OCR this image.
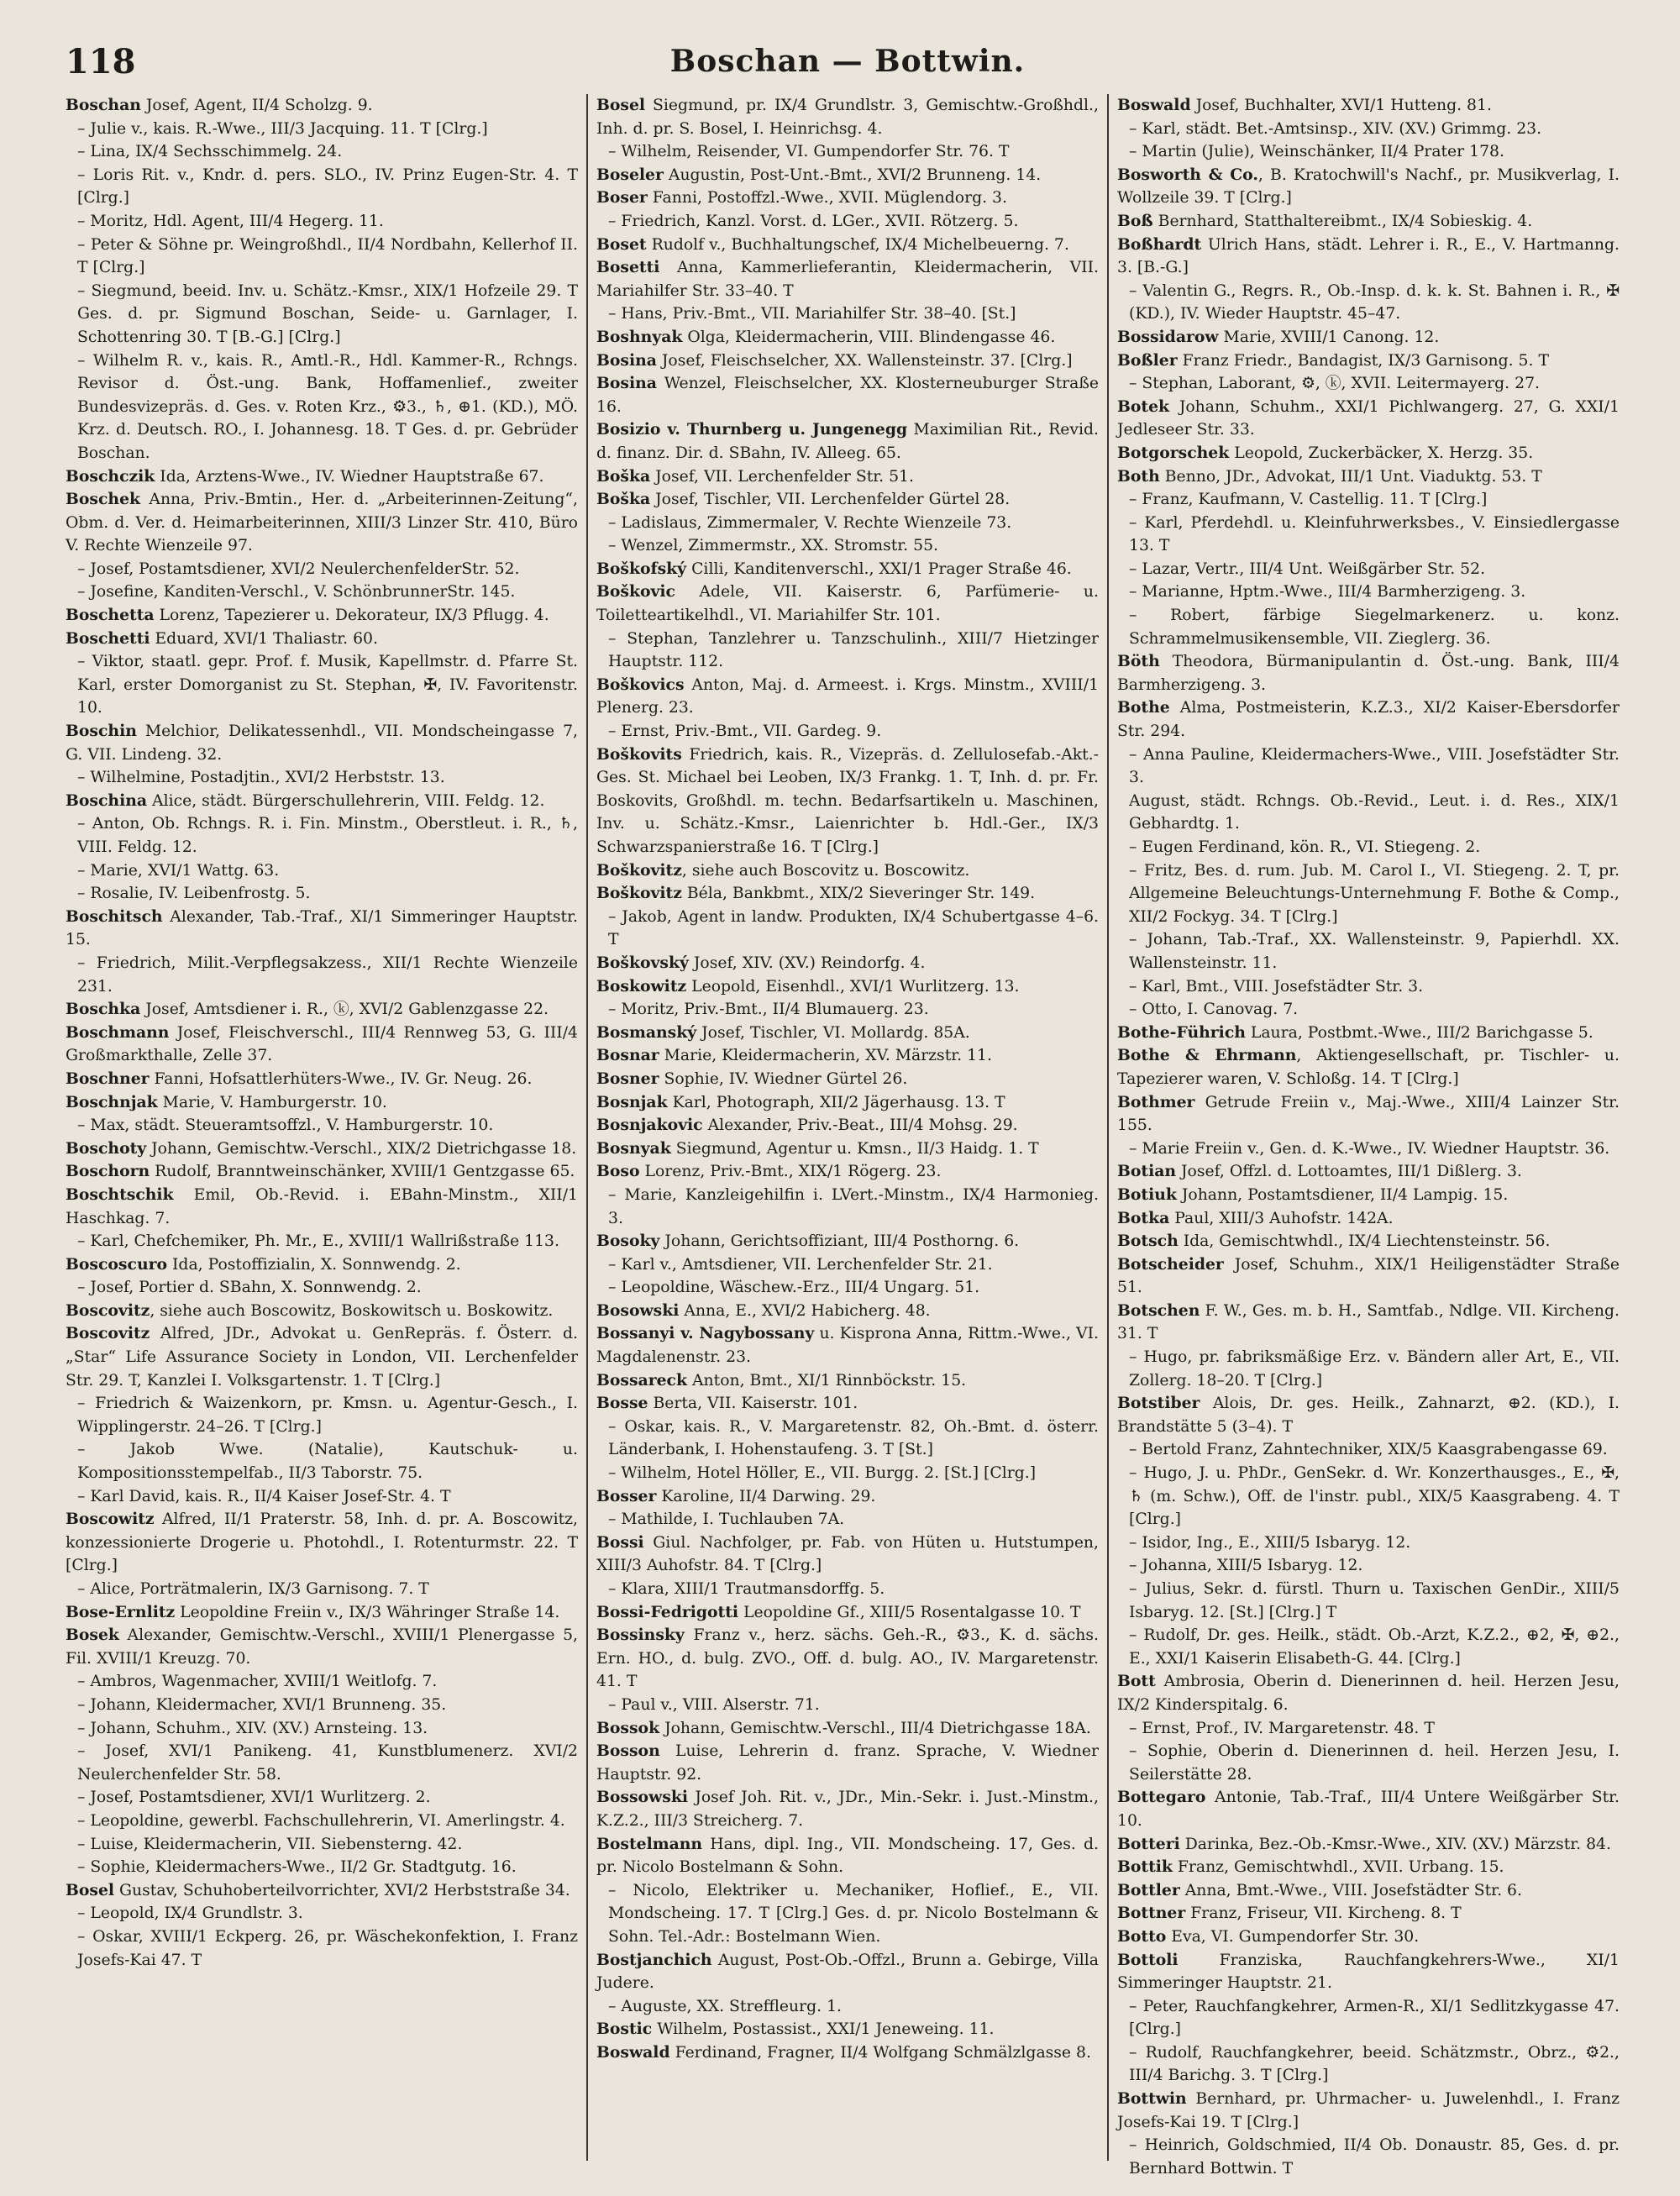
118	Boschan — Bottwin.
Boschan Josef, Agent, II/4 Scholzg. 9.
– Julie v., kais. R.-Wwe., III/3 Jacquing. 11. T [Clrg.]
– Lina, IX/4 Sechsschimmelg. 24.
– Loris Rit. v., Kndr. d. pers. SLO., IV. Prinz Eugen-Str. 4. T [Clrg.]
– Moritz, Hdl. Agent, III/4 Hegerg. 11.
– Peter & Söhne pr. Weingroßhdl., II/4 Nordbahn, Kellerhof II. T [Clrg.]
– Siegmund, beeid. Inv. u. Schätz.-Kmsr., XIX/1 Hofzeile 29. T Ges. d. pr. Sigmund Boschan, Seide- u. Garnlager, I. Schottenring 30. T [B.-G.] [Clrg.]
– Wilhelm R. v., kais. R., Amtl.-R., Hdl. Kammer-R., Rchngs. Revisor d. Öst.-ung. Bank, Hoffamenlief., zweiter Bundesvizepräs. d. Ges. v. Roten Krz., ⚙3., ♄, ⊕1. (KD.), MÖ. Krz. d. Deutsch. RO., I. Johannesg. 18. T Ges. d. pr. Gebrüder Boschan.
Boschczik Ida, Arztens-Wwe., IV. Wiedner Hauptstraße 67.
Boschek Anna, Priv.-Bmtin., Her. d. „Arbeiterinnen-Zeitung“, Obm. d. Ver. d. Heimarbeiterinnen, XIII/3 Linzer Str. 410, Büro V. Rechte Wienzeile 97.
– Josef, Postamtsdiener, XVI/2 NeulerchenfelderStr. 52.
– Josefine, Kanditen-Verschl., V. SchönbrunnerStr. 145.
Boschetta Lorenz, Tapezierer u. Dekorateur, IX/3 Pflugg. 4.
Boschetti Eduard, XVI/1 Thaliastr. 60.
– Viktor, staatl. gepr. Prof. f. Musik, Kapellmstr. d. Pfarre St. Karl, erster Domorganist zu St. Stephan, ✠, IV. Favoritenstr. 10.
Boschin Melchior, Delikatessenhdl., VII. Mondscheingasse 7, G. VII. Lindeng. 32.
– Wilhelmine, Postadjtin., XVI/2 Herbststr. 13.
Boschina Alice, städt. Bürgerschullehrerin, VIII. Feldg. 12.
– Anton, Ob. Rchngs. R. i. Fin. Minstm., Oberstleut. i. R., ♄, VIII. Feldg. 12.
– Marie, XVI/1 Wattg. 63.
– Rosalie, IV. Leibenfrostg. 5.
Boschitsch Alexander, Tab.-Traf., XI/1 Simmeringer Hauptstr. 15.
– Friedrich, Milit.-Verpflegsakzess., XII/1 Rechte Wienzeile 231.
Boschka Josef, Amtsdiener i. R., ⓚ, XVI/2 Gablenzgasse 22.
Boschmann Josef, Fleischverschl., III/4 Rennweg 53, G. III/4 Großmarkthalle, Zelle 37.
Boschner Fanni, Hofsattlerhüters-Wwe., IV. Gr. Neug. 26.
Boschnjak Marie, V. Hamburgerstr. 10.
– Max, städt. Steueramtsoffzl., V. Hamburgerstr. 10.
Boschoty Johann, Gemischtw.-Verschl., XIX/2 Dietrichgasse 18.
Boschorn Rudolf, Branntweinschänker, XVIII/1 Gentzgasse 65.
Boschtschik Emil, Ob.-Revid. i. EBahn-Minstm., XII/1 Haschkag. 7.
– Karl, Chefchemiker, Ph. Mr., E., XVIII/1 Wallrißstraße 113.
Boscoscuro Ida, Postoffizialin, X. Sonnwendg. 2.
– Josef, Portier d. SBahn, X. Sonnwendg. 2.
Boscovitz, siehe auch Boscowitz, Boskowitsch u. Boskowitz.
Boscovitz Alfred, JDr., Advokat u. GenRepräs. f. Österr. d. „Star“ Life Assurance Society in London, VII. Lerchenfelder Str. 29. T, Kanzlei I. Volksgartenstr. 1. T [Clrg.]
– Friedrich & Waizenkorn, pr. Kmsn. u. Agentur-Gesch., I. Wipplingerstr. 24–26. T [Clrg.]
– Jakob Wwe. (Natalie), Kautschuk- u. Kompositionsstempelfab., II/3 Taborstr. 75.
– Karl David, kais. R., II/4 Kaiser Josef-Str. 4. T
Boscowitz Alfred, II/1 Praterstr. 58, Inh. d. pr. A. Boscowitz, konzessionierte Drogerie u. Photohdl., I. Rotenturmstr. 22. T [Clrg.]
– Alice, Porträtmalerin, IX/3 Garnisong. 7. T
Bose-Ernlitz Leopoldine Freiin v., IX/3 Währinger Straße 14.
Bosek Alexander, Gemischtw.-Verschl., XVIII/1 Plenergasse 5, Fil. XVIII/1 Kreuzg. 70.
– Ambros, Wagenmacher, XVIII/1 Weitlofg. 7.
– Johann, Kleidermacher, XVI/1 Brunneng. 35.
– Johann, Schuhm., XIV. (XV.) Arnsteing. 13.
– Josef, XVI/1 Panikeng. 41, Kunstblumenerz. XVI/2 Neulerchenfelder Str. 58.
– Josef, Postamtsdiener, XVI/1 Wurlitzerg. 2.
– Leopoldine, gewerbl. Fachschullehrerin, VI. Amerlingstr. 4.
– Luise, Kleidermacherin, VII. Siebensterng. 42.
– Sophie, Kleidermachers-Wwe., II/2 Gr. Stadtgutg. 16.
Bosel Gustav, Schuhoberteilvorrichter, XVI/2 Herbststraße 34.
– Leopold, IX/4 Grundlstr. 3.
– Oskar, XVIII/1 Eckperg. 26, pr. Wäschekonfektion, I. Franz Josefs-Kai 47. T
Bosel Siegmund, pr. IX/4 Grundlstr. 3, Gemischtw.-Großhdl., Inh. d. pr. S. Bosel, I. Heinrichsg. 4.
– Wilhelm, Reisender, VI. Gumpendorfer Str. 76. T
Boseler Augustin, Post-Unt.-Bmt., XVI/2 Brunneng. 14.
Boser Fanni, Postoffzl.-Wwe., XVII. Müglendorg. 3.
– Friedrich, Kanzl. Vorst. d. LGer., XVII. Rötzerg. 5.
Boset Rudolf v., Buchhaltungschef, IX/4 Michelbeuerng. 7.
Bosetti Anna, Kammerlieferantin, Kleidermacherin, VII. Mariahilfer Str. 33–40. T
– Hans, Priv.-Bmt., VII. Mariahilfer Str. 38–40. [St.]
Boshnyak Olga, Kleidermacherin, VIII. Blindengasse 46.
Bosina Josef, Fleischselcher, XX. Wallensteinstr. 37. [Clrg.]
Bosina Wenzel, Fleischselcher, XX. Klosterneuburger Straße 16.
Bosizio v. Thurnberg u. Jungenegg Maximilian Rit., Revid. d. finanz. Dir. d. SBahn, IV. Alleeg. 65.
Boška Josef, VII. Lerchenfelder Str. 51.
Boška Josef, Tischler, VII. Lerchenfelder Gürtel 28.
– Ladislaus, Zimmermaler, V. Rechte Wienzeile 73.
– Wenzel, Zimmermstr., XX. Stromstr. 55.
Boškofský Cilli, Kanditenverschl., XXI/1 Prager Straße 46.
Boškovic Adele, VII. Kaiserstr. 6, Parfümerie- u. Toiletteartikelhdl., VI. Mariahilfer Str. 101.
– Stephan, Tanzlehrer u. Tanzschulinh., XIII/7 Hietzinger Hauptstr. 112.
Boškovics Anton, Maj. d. Armeest. i. Krgs. Minstm., XVIII/1 Plenerg. 23.
– Ernst, Priv.-Bmt., VII. Gardeg. 9.
Boškovits Friedrich, kais. R., Vizepräs. d. Zellulosefab.-Akt.-Ges. St. Michael bei Leoben, IX/3 Frankg. 1. T, Inh. d. pr. Fr. Boskovits, Großhdl. m. techn. Bedarfsartikeln u. Maschinen, Inv. u. Schätz.-Kmsr., Laienrichter b. Hdl.-Ger., IX/3 Schwarzspanierstraße 16. T [Clrg.]
Boškovitz, siehe auch Boscovitz u. Boscowitz.
Boškovitz Béla, Bankbmt., XIX/2 Sieveringer Str. 149.
– Jakob, Agent in landw. Produkten, IX/4 Schubertgasse 4–6. T
Boškovský Josef, XIV. (XV.) Reindorfg. 4.
Boskowitz Leopold, Eisenhdl., XVI/1 Wurlitzerg. 13.
– Moritz, Priv.-Bmt., II/4 Blumauerg. 23.
Bosmanský Josef, Tischler, VI. Mollardg. 85A.
Bosnar Marie, Kleidermacherin, XV. Märzstr. 11.
Bosner Sophie, IV. Wiedner Gürtel 26.
Bosnjak Karl, Photograph, XII/2 Jägerhausg. 13. T
Bosnjakovic Alexander, Priv.-Beat., III/4 Mohsg. 29.
Bosnyak Siegmund, Agentur u. Kmsn., II/3 Haidg. 1. T
Boso Lorenz, Priv.-Bmt., XIX/1 Rögerg. 23.
– Marie, Kanzleigehilfin i. LVert.-Minstm., IX/4 Harmonieg. 3.
Bosoky Johann, Gerichtsoffiziant, III/4 Posthorng. 6.
– Karl v., Amtsdiener, VII. Lerchenfelder Str. 21.
– Leopoldine, Wäschew.-Erz., III/4 Ungarg. 51.
Bosowski Anna, E., XVI/2 Habicherg. 48.
Bossanyi v. Nagybossany u. Kisprona Anna, Rittm.-Wwe., VI. Magdalenenstr. 23.
Bossareck Anton, Bmt., XI/1 Rinnböckstr. 15.
Bosse Berta, VII. Kaiserstr. 101.
– Oskar, kais. R., V. Margaretenstr. 82, Oh.-Bmt. d. österr. Länderbank, I. Hohenstaufeng. 3. T [St.]
– Wilhelm, Hotel Höller, E., VII. Burgg. 2. [St.] [Clrg.]
Bosser Karoline, II/4 Darwing. 29.
– Mathilde, I. Tuchlauben 7A.
Bossi Giul. Nachfolger, pr. Fab. von Hüten u. Hutstumpen, XIII/3 Auhofstr. 84. T [Clrg.]
– Klara, XIII/1 Trautmansdorffg. 5.
Bossi-Fedrigotti Leopoldine Gf., XIII/5 Rosentalgasse 10. T
Bossinsky Franz v., herz. sächs. Geh.-R., ⚙3., K. d. sächs. Ern. HO., d. bulg. ZVO., Off. d. bulg. AO., IV. Margaretenstr. 41. T
– Paul v., VIII. Alserstr. 71.
Bossok Johann, Gemischtw.-Verschl., III/4 Dietrichgasse 18A.
Bosson Luise, Lehrerin d. franz. Sprache, V. Wiedner Hauptstr. 92.
Bossowski Josef Joh. Rit. v., JDr., Min.-Sekr. i. Just.-Minstm., K.Z.2., III/3 Streicherg. 7.
Bostelmann Hans, dipl. Ing., VII. Mondscheing. 17, Ges. d. pr. Nicolo Bostelmann & Sohn.
– Nicolo, Elektriker u. Mechaniker, Hoflief., E., VII. Mondscheing. 17. T [Clrg.] Ges. d. pr. Nicolo Bostelmann & Sohn. Tel.-Adr.: Bostelmann Wien.
Bostjanchich August, Post-Ob.-Offzl., Brunn a. Gebirge, Villa Judere.
– Auguste, XX. Streffleurg. 1.
Bostic Wilhelm, Postassist., XXI/1 Jeneweing. 11.
Boswald Ferdinand, Fragner, II/4 Wolfgang Schmälzlgasse 8.
Boswald Josef, Buchhalter, XVI/1 Hutteng. 81.
– Karl, städt. Bet.-Amtsinsp., XIV. (XV.) Grimmg. 23.
– Martin (Julie), Weinschänker, II/4 Prater 178.
Bosworth & Co., B. Kratochwill's Nachf., pr. Musikverlag, I. Wollzeile 39. T [Clrg.]
Boß Bernhard, Statthaltereibmt., IX/4 Sobieskig. 4.
Boßhardt Ulrich Hans, städt. Lehrer i. R., E., V. Hartmanng. 3. [B.-G.]
– Valentin G., Regrs. R., Ob.-Insp. d. k. k. St. Bahnen i. R., ✠ (KD.), IV. Wieder Hauptstr. 45–47.
Bossidarow Marie, XVIII/1 Canong. 12.
Boßler Franz Friedr., Bandagist, IX/3 Garnisong. 5. T
– Stephan, Laborant, ⚙, ⓚ, XVII. Leitermayerg. 27.
Botek Johann, Schuhm., XXI/1 Pichlwangerg. 27, G. XXI/1 Jedleseer Str. 33.
Botgorschek Leopold, Zuckerbäcker, X. Herzg. 35.
Both Benno, JDr., Advokat, III/1 Unt. Viaduktg. 53. T
– Franz, Kaufmann, V. Castellig. 11. T [Clrg.]
– Karl, Pferdehdl. u. Kleinfuhrwerksbes., V. Einsiedlergasse 13. T
– Lazar, Vertr., III/4 Unt. Weißgärber Str. 52.
– Marianne, Hptm.-Wwe., III/4 Barmherzigeng. 3.
– Robert, färbige Siegelmarkenerz. u. konz. Schrammelmusikensemble, VII. Zieglerg. 36.
Böth Theodora, Bürmanipulantin d. Öst.-ung. Bank, III/4 Barmherzigeng. 3.
Bothe Alma, Postmeisterin, K.Z.3., XI/2 Kaiser-Ebersdorfer Str. 294.
– Anna Pauline, Kleidermachers-Wwe., VIII. Josefstädter Str. 3.
August, städt. Rchngs. Ob.-Revid., Leut. i. d. Res., XIX/1 Gebhardtg. 1.
– Eugen Ferdinand, kön. R., VI. Stiegeng. 2.
– Fritz, Bes. d. rum. Jub. M. Carol I., VI. Stiegeng. 2. T, pr. Allgemeine Beleuchtungs-Unternehmung F. Bothe & Comp., XII/2 Fockyg. 34. T [Clrg.]
– Johann, Tab.-Traf., XX. Wallensteinstr. 9, Papierhdl. XX. Wallensteinstr. 11.
– Karl, Bmt., VIII. Josefstädter Str. 3.
– Otto, I. Canovag. 7.
Bothe-Führich Laura, Postbmt.-Wwe., III/2 Barichgasse 5.
Bothe & Ehrmann, Aktiengesellschaft, pr. Tischler- u. Tapezierer waren, V. Schloßg. 14. T [Clrg.]
Bothmer Getrude Freiin v., Maj.-Wwe., XIII/4 Lainzer Str. 155.
– Marie Freiin v., Gen. d. K.-Wwe., IV. Wiedner Hauptstr. 36.
Botian Josef, Offzl. d. Lottoamtes, III/1 Dißlerg. 3.
Botiuk Johann, Postamtsdiener, II/4 Lampig. 15.
Botka Paul, XIII/3 Auhofstr. 142A.
Botsch Ida, Gemischtwhdl., IX/4 Liechtensteinstr. 56.
Botscheider Josef, Schuhm., XIX/1 Heiligenstädter Straße 51.
Botschen F. W., Ges. m. b. H., Samtfab., Ndlge. VII. Kircheng. 31. T
– Hugo, pr. fabriksmäßige Erz. v. Bändern aller Art, E., VII. Zollerg. 18–20. T [Clrg.]
Botstiber Alois, Dr. ges. Heilk., Zahnarzt, ⊕2. (KD.), I. Brandstätte 5 (3–4). T
– Bertold Franz, Zahntechniker, XIX/5 Kaasgrabengasse 69.
– Hugo, J. u. PhDr., GenSekr. d. Wr. Konzerthausges., E., ✠, ♄ (m. Schw.), Off. de l'instr. publ., XIX/5 Kaasgrabeng. 4. T [Clrg.]
– Isidor, Ing., E., XIII/5 Isbaryg. 12.
– Johanna, XIII/5 Isbaryg. 12.
– Julius, Sekr. d. fürstl. Thurn u. Taxischen GenDir., XIII/5 Isbaryg. 12. [St.] [Clrg.] T
– Rudolf, Dr. ges. Heilk., städt. Ob.-Arzt, K.Z.2., ⊕2, ✠, ⊕2., E., XXI/1 Kaiserin Elisabeth-G. 44. [Clrg.]
Bott Ambrosia, Oberin d. Dienerinnen d. heil. Herzen Jesu, IX/2 Kinderspitalg. 6.
– Ernst, Prof., IV. Margaretenstr. 48. T
– Sophie, Oberin d. Dienerinnen d. heil. Herzen Jesu, I. Seilerstätte 28.
Bottegaro Antonie, Tab.-Traf., III/4 Untere Weißgärber Str. 10.
Botteri Darinka, Bez.-Ob.-Kmsr.-Wwe., XIV. (XV.) Märzstr. 84.
Bottik Franz, Gemischtwhdl., XVII. Urbang. 15.
Bottler Anna, Bmt.-Wwe., VIII. Josefstädter Str. 6.
Bottner Franz, Friseur, VII. Kircheng. 8. T
Botto Eva, VI. Gumpendorfer Str. 30.
Bottoli Franziska, Rauchfangkehrers-Wwe., XI/1 Simmeringer Hauptstr. 21.
– Peter, Rauchfangkehrer, Armen-R., XI/1 Sedlitzkygasse 47. [Clrg.]
– Rudolf, Rauchfangkehrer, beeid. Schätzmstr., Obrz., ⚙2., III/4 Barichg. 3. T [Clrg.]
Bottwin Bernhard, pr. Uhrmacher- u. Juwelenhdl., I. Franz Josefs-Kai 19. T [Clrg.]
– Heinrich, Goldschmied, II/4 Ob. Donaustr. 85, Ges. d. pr. Bernhard Bottwin. T
